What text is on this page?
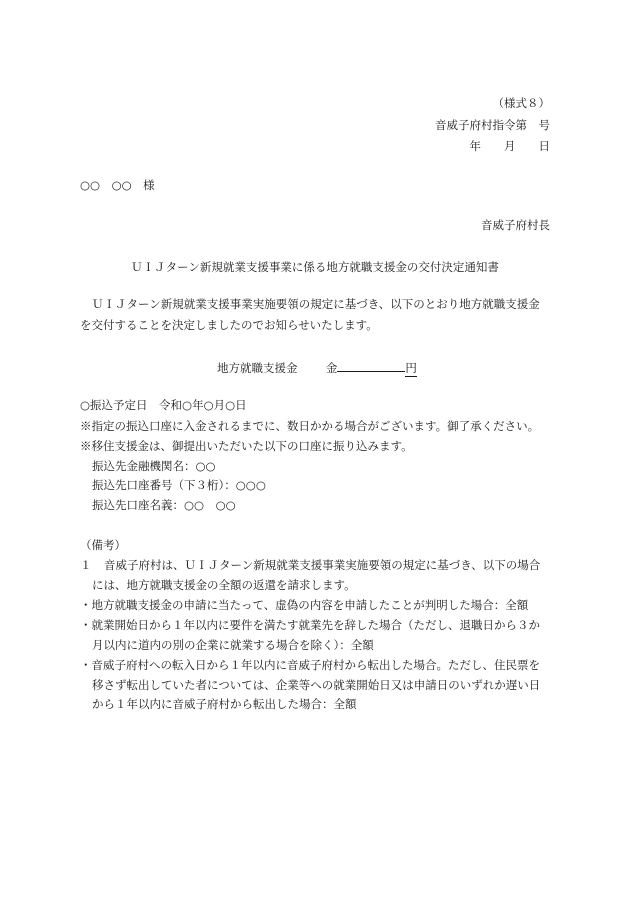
（様式８）
音威子府村指令第　号
年　　月　　日
○○　○○　様
音威子府村長
ＵＩＪターン新規就業支援事業に係る地方就職支援金の交付決定通知書
ＵＩＪターン新規就業支援事業実施要領の規定に基づき、以下のとおり地方就職支援金
を交付することを決定しましたのでお知らせいたします。
地方就職支援金 金	円
○振込予定日　令和○年○月○日
※指定の振込口座に入金されるまでに、数日かかる場合がございます。御了承ください。
※移住支援金は、御提出いただいた以下の口座に振り込みます。
振込先金融機関名：○○
振込先口座番号（下３桁）：○○○
振込先口座名義：○○　○○
（備考）
１ 音威子府村は、ＵＩＪターン新規就業支援事業実施要領の規定に基づき、以下の場合
には、地方就職支援金の全額の返還を請求します。
・地方就職支援金の申請に当たって、虚偽の内容を申請したことが判明した場合：全額
・就業開始日から１年以内に要件を満たす就業先を辞した場合（ただし、退職日から３か
月以内に道内の別の企業に就業する場合を除く）：全額
・音威子府村への転入日から１年以内に音威子府村から転出した場合。ただし、住民票を
移さず転出していた者については、企業等への就業開始日又は申請日のいずれか遅い日
から１年以内に音威子府村から転出した場合：全額
